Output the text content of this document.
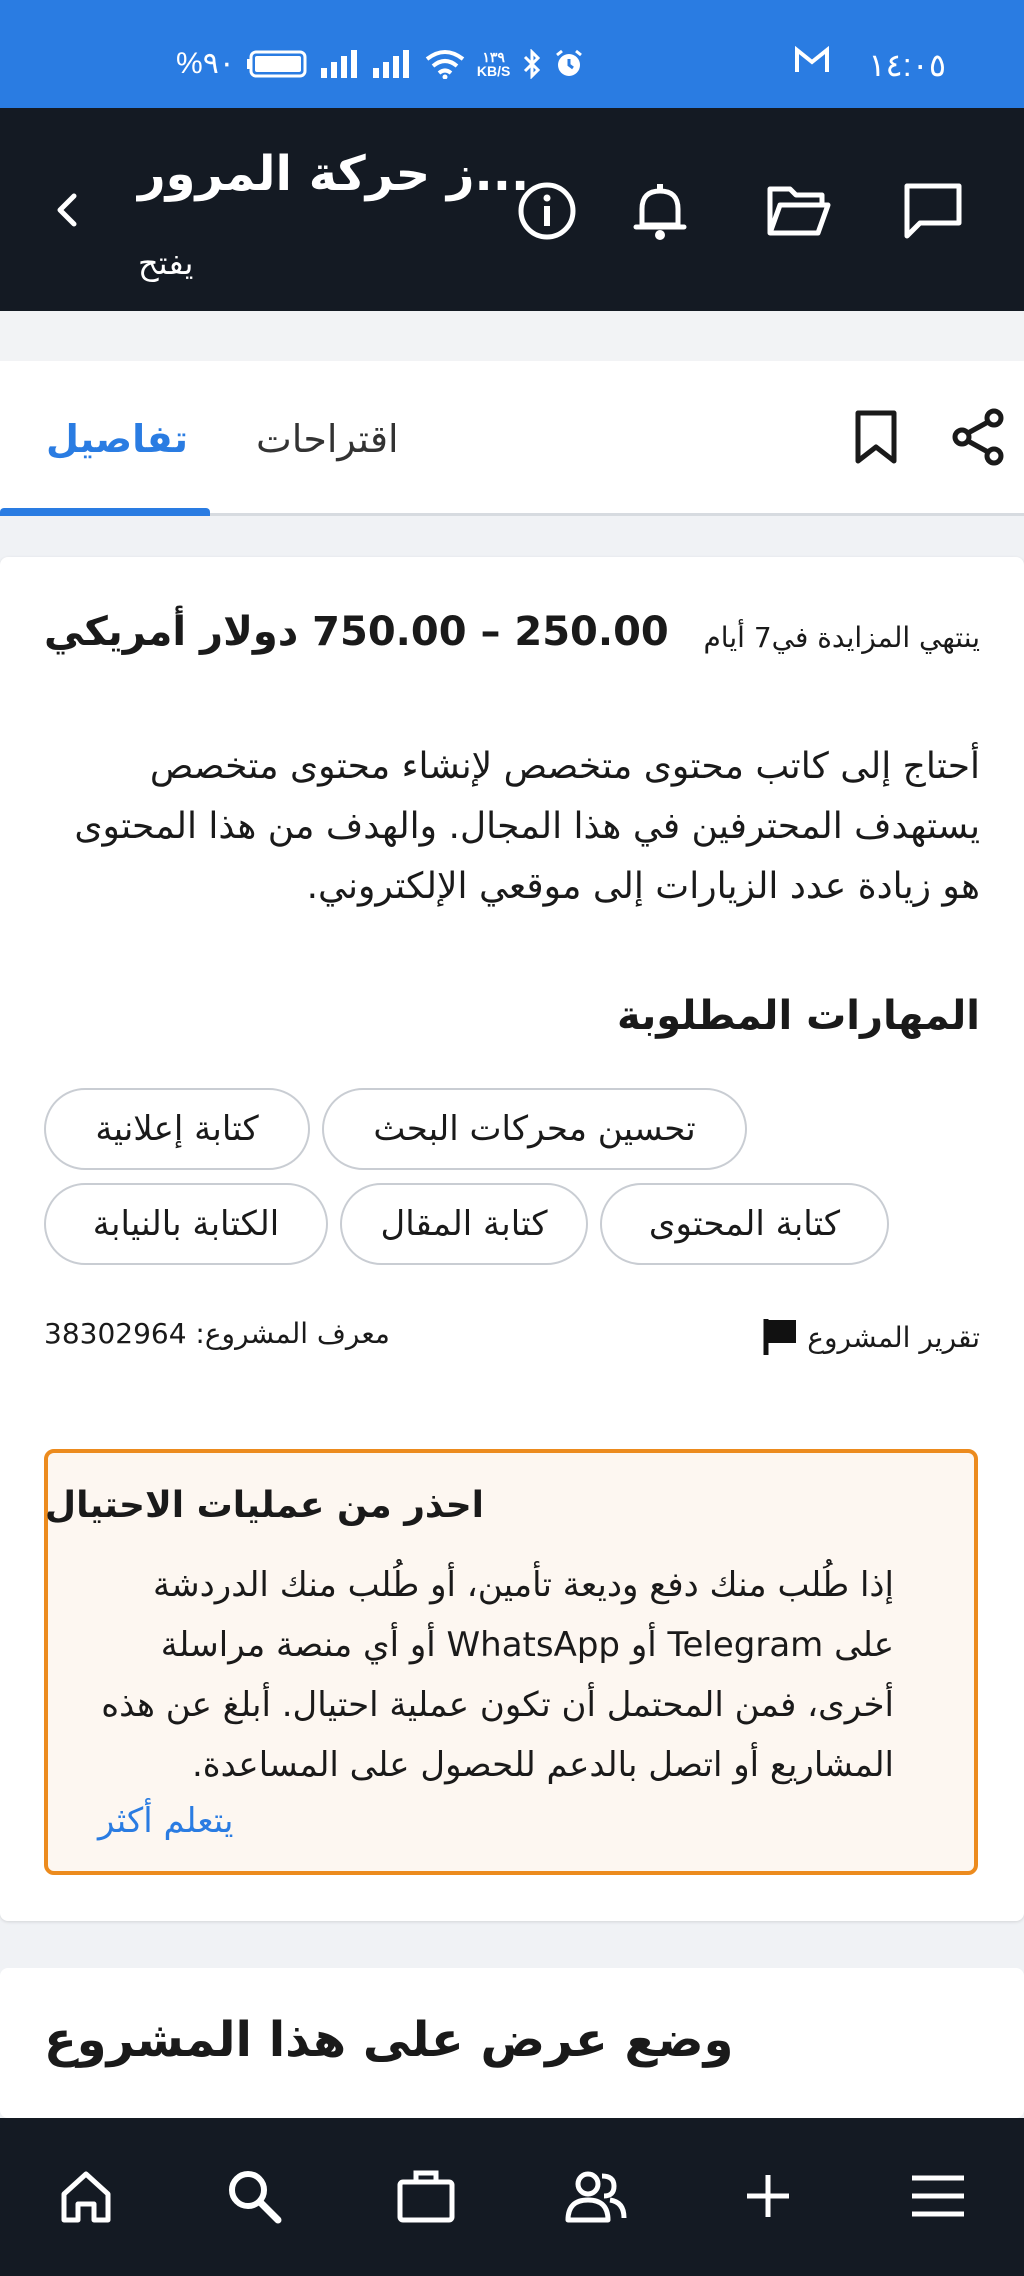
%٩٠	١٣٩
KB/S	١٤:٠٥
...ز حركة المرور
يفتح
تفاصيل اقتراحات
ينتهي المزايدة في7 أيام
250.00 – 750.00 دولار أمريكي
أحتاج إلى كاتب محتوى متخصص لإنشاء محتوى متخصص يستهدف المحترفين في هذا المجال. والهدف من هذا المحتوى هو زيادة عدد الزيارات إلى موقعي الإلكتروني.
المهارات المطلوبة
تحسين محركات البحث
كتابة إعلانية
كتابة المحتوى
كتابة المقال
الكتابة بالنيابة
تقرير المشروع
معرف المشروع: 38302964
احذر من عمليات الاحتيال
إذا طُلب منك دفع وديعة تأمين، أو طُلب منك الدردشة على Telegram أو WhatsApp أو أي منصة مراسلة أخرى، فمن المحتمل أن تكون عملية احتيال. أبلغ عن هذه المشاريع أو اتصل بالدعم للحصول على المساعدة.
يتعلم أكثر
وضع عرض على هذا المشروع
